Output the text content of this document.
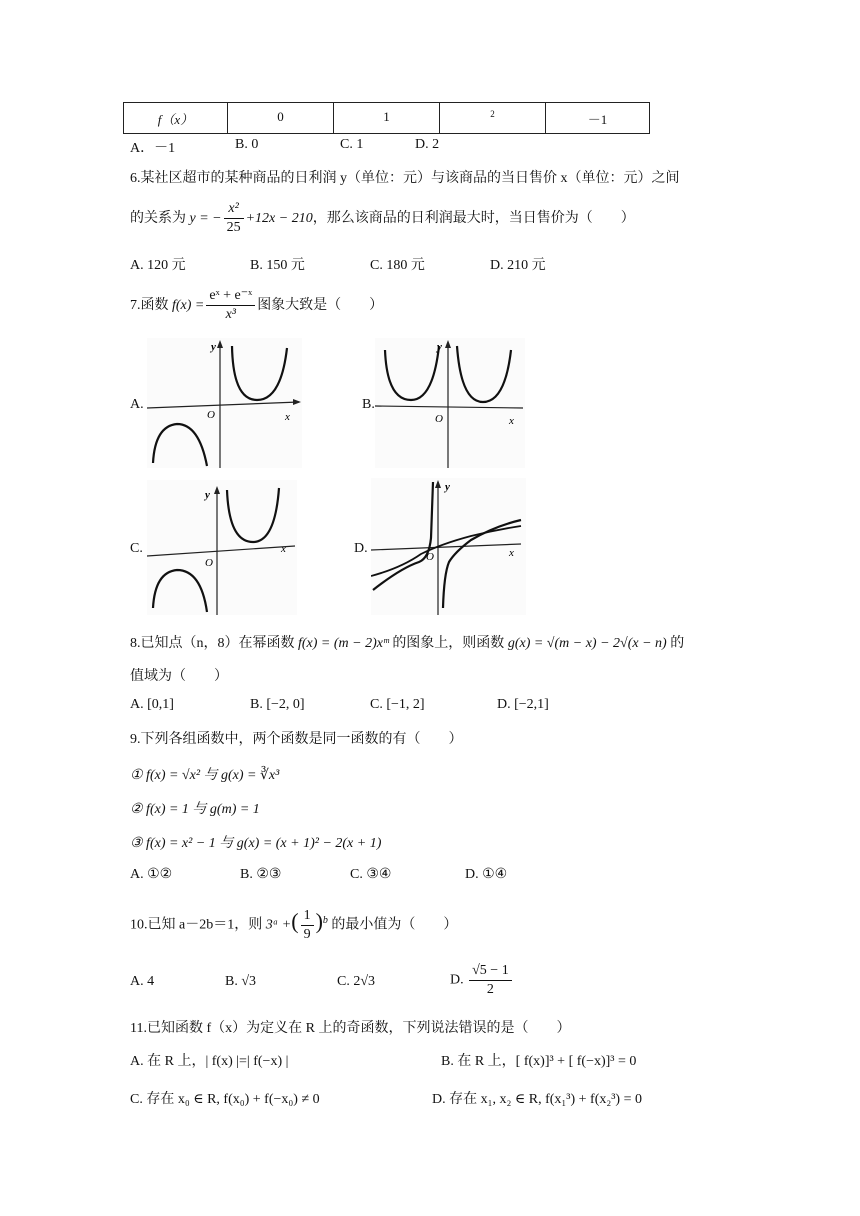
f（x）	0	1	2	－1
A．－1	B. 0	C. 1	D. 2
6.某社区超市的某种商品的日利润 y（单位：元）与该商品的当日售价 x（单位：元）之间
的关系为 y = − $\frac{\text{x²}}{25} +12x - 210$，那么该商品的日利润最大时，当日售价为（　　）
A. 120 元	B. 150 元	C. 180 元	D. 210 元
7.函数 $f(x) = \frac{\text{eˣ + e⁻ˣ}}{\text{x³}}$ 图象大致是（　　）
A.	B.
C.	D.
y
x
O
y
x
O
y
x
O
y
x
O
8.已知点（n，8）在幂函数 f(x) = (m − 2)xᵐ 的图象上，则函数 g(x) = √(m − x) − 2√(x − n) 的
值域为（　　）
A. [0,1]	B. [−2, 0]	C. [−1, 2]	D. [−2,1]
9.下列各组函数中，两个函数是同一函数的有（　　）
① f(x) = √x² 与 g(x) = ∛x³
② f(x) = 1 与 g(m) = 1
③ f(x) = x² − 1 与 g(x) = (x + 1)² − 2(x + 1)
A. ①②	B. ②③	C. ③④	D. ①④
10.已知 a－2b＝1，则 3ᵃ +( $\frac{1}{9} )^b$ 的最小值为（　　）
A. 4	B. √3	C. 2√3	D. $\frac{√5 - 1}{2}$
11.已知函数 f（x）为定义在 R 上的奇函数，下列说法错误的是（　　）
A. 在 R 上，| f(x) |=| f(−x) |	B. 在 R 上，[ f(x)]³ + [ f(−x)]³ = 0
C. 存在 x₀ ∈ R, f(x₀) + f(−x₀) ≠ 0	D. 存在 x₁, x₂ ∈ R, f(x₁³) + f(x₂³) = 0
